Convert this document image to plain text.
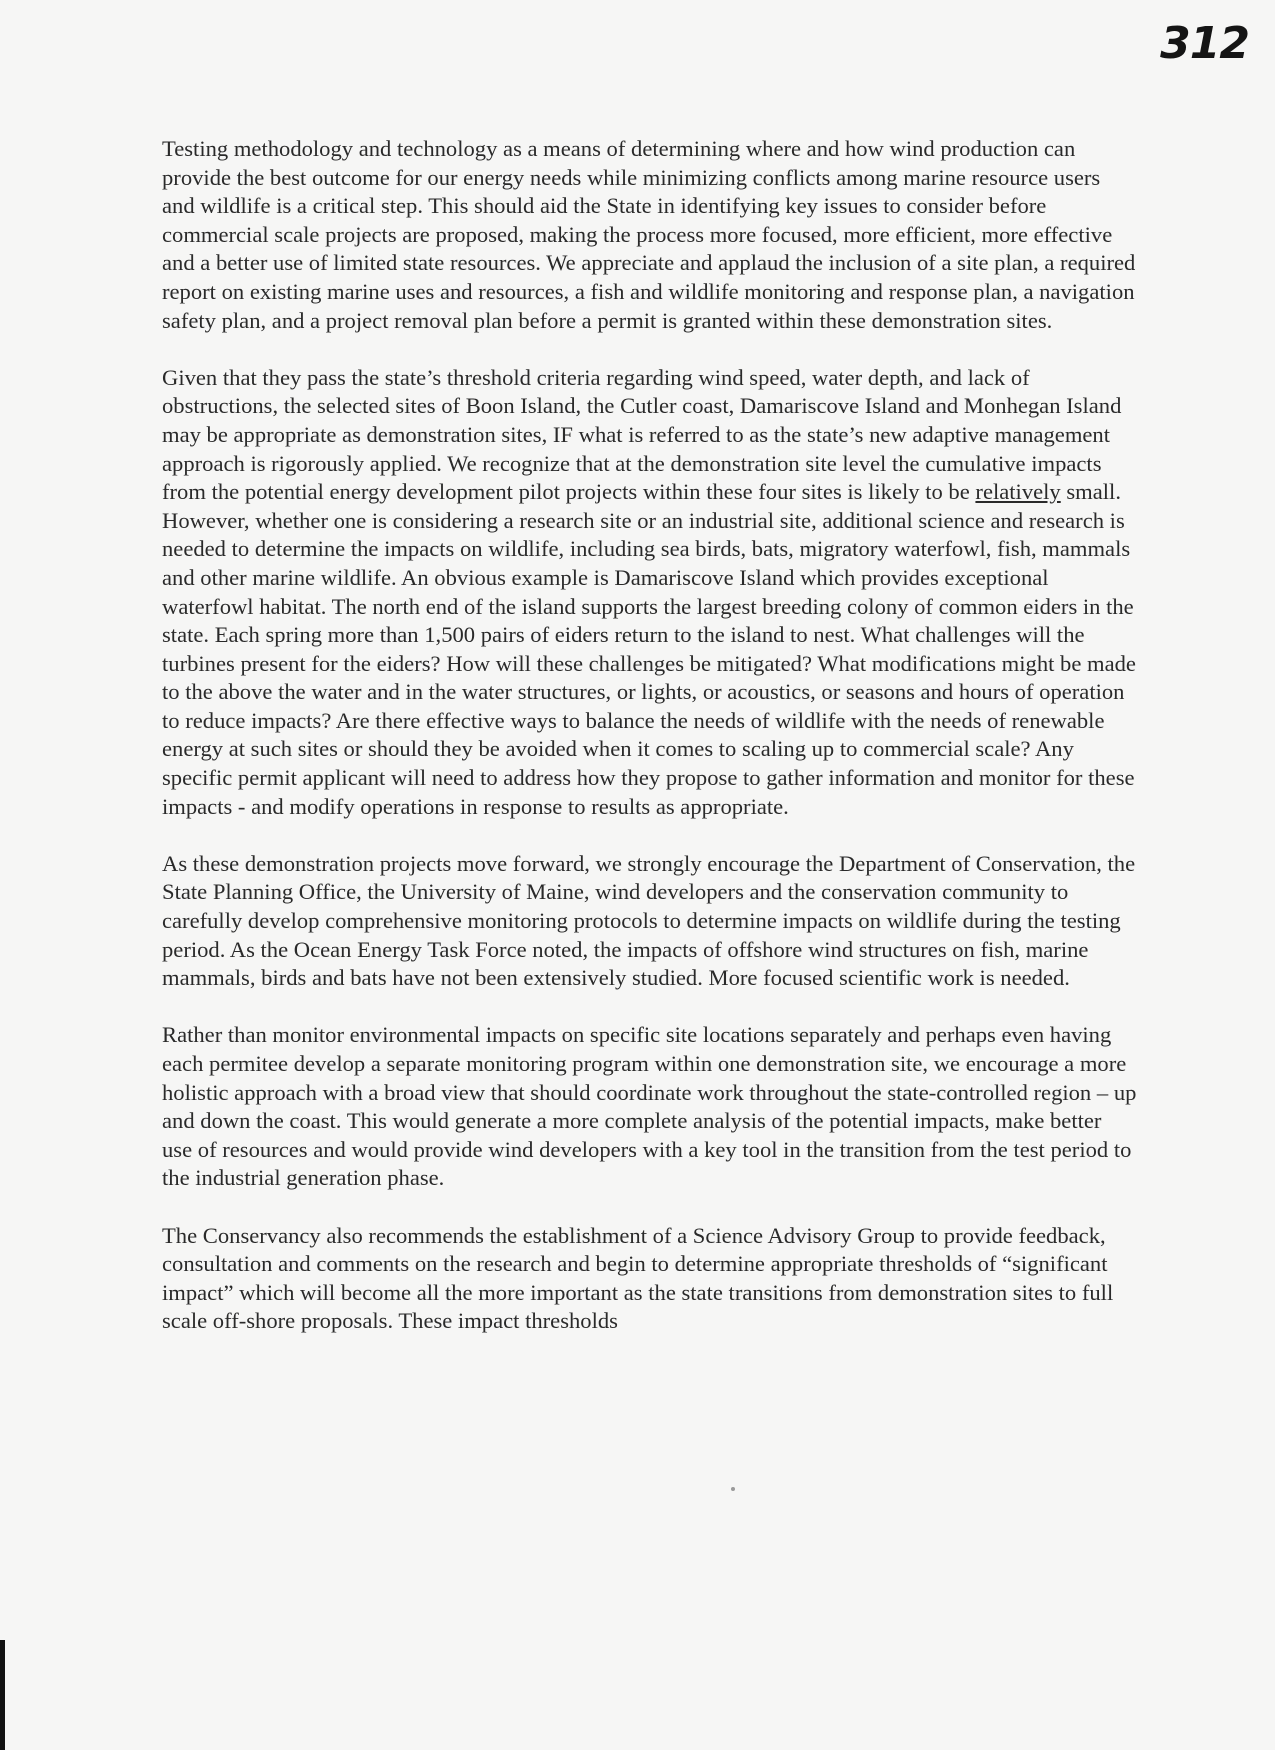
312

Testing methodology and technology as a means of determining where and how wind production can provide the best outcome for our energy needs while minimizing conflicts among marine resource users and wildlife is a critical step. This should aid the State in identifying key issues to consider before commercial scale projects are proposed, making the process more focused, more efficient, more effective and a better use of limited state resources. We appreciate and applaud the inclusion of a site plan, a required report on existing marine uses and resources, a fish and wildlife monitoring and response plan, a navigation safety plan, and a project removal plan before a permit is granted within these demonstration sites.

Given that they pass the state’s threshold criteria regarding wind speed, water depth, and lack of obstructions, the selected sites of Boon Island, the Cutler coast, Damariscove Island and Monhegan Island may be appropriate as demonstration sites, IF what is referred to as the state’s new adaptive management approach is rigorously applied. We recognize that at the demonstration site level the cumulative impacts from the potential energy development pilot projects within these four sites is likely to be relatively small. However, whether one is considering a research site or an industrial site, additional science and research is needed to determine the impacts on wildlife, including sea birds, bats, migratory waterfowl, fish, mammals and other marine wildlife. An obvious example is Damariscove Island which provides exceptional waterfowl habitat. The north end of the island supports the largest breeding colony of common eiders in the state. Each spring more than 1,500 pairs of eiders return to the island to nest. What challenges will the turbines present for the eiders? How will these challenges be mitigated? What modifications might be made to the above the water and in the water structures, or lights, or acoustics, or seasons and hours of operation to reduce impacts? Are there effective ways to balance the needs of wildlife with the needs of renewable energy at such sites or should they be avoided when it comes to scaling up to commercial scale? Any specific permit applicant will need to address how they propose to gather information and monitor for these impacts - and modify operations in response to results as appropriate.

As these demonstration projects move forward, we strongly encourage the Department of Conservation, the State Planning Office, the University of Maine, wind developers and the conservation community to carefully develop comprehensive monitoring protocols to determine impacts on wildlife during the testing period. As the Ocean Energy Task Force noted, the impacts of offshore wind structures on fish, marine mammals, birds and bats have not been extensively studied. More focused scientific work is needed.

Rather than monitor environmental impacts on specific site locations separately and perhaps even having each permitee develop a separate monitoring program within one demonstration site, we encourage a more holistic approach with a broad view that should coordinate work throughout the state-controlled region – up and down the coast. This would generate a more complete analysis of the potential impacts, make better use of resources and would provide wind developers with a key tool in the transition from the test period to the industrial generation phase.

The Conservancy also recommends the establishment of a Science Advisory Group to provide feedback, consultation and comments on the research and begin to determine appropriate thresholds of “significant impact” which will become all the more important as the state transitions from demonstration sites to full scale off-shore proposals. These impact thresholds
